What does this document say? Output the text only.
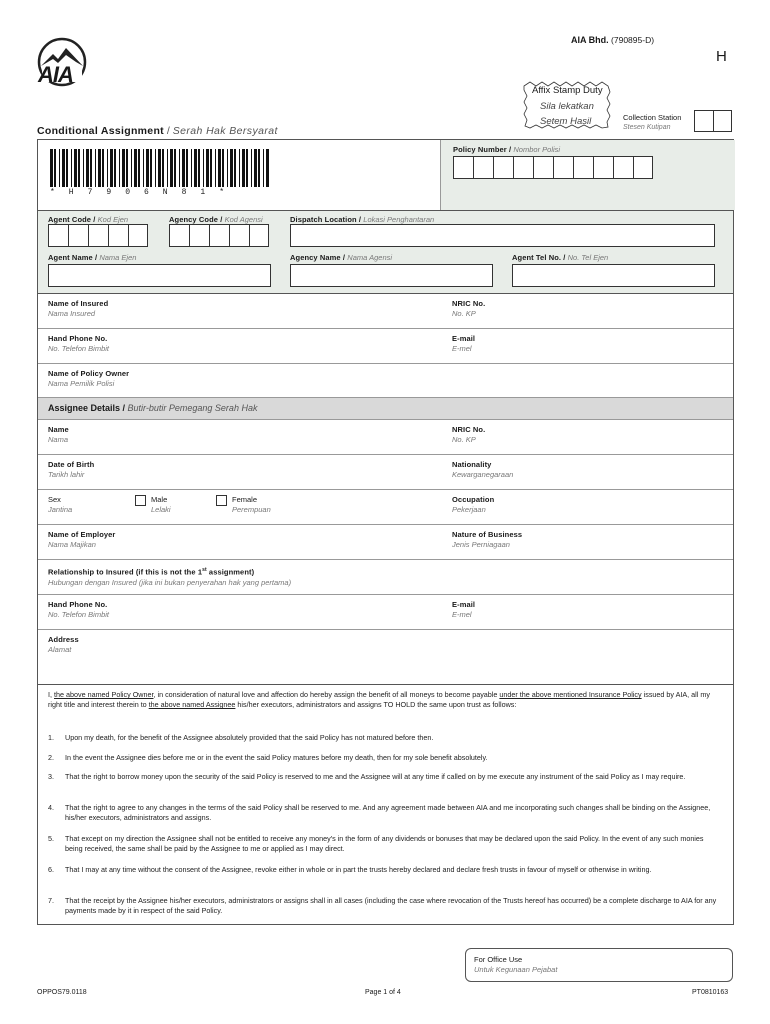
AIA
AIA Bhd. (790895-D)
H
Affix Stamp Duty
Sila lekatkan
Setem Hasil	Collection Station
Stesen Kutipan
Conditional Assignment / Serah Hak Bersyarat
* H 7 9 0 6 N 8 1 *
Policy Number / Nombor Polisi
Agent Code / Kod Ejen	Agency Code / Kod Agensi	Dispatch Location / Lokasi Penghantaran
Agent Name / Nama Ejen	Agency Name / Nama Agensi	Agent Tel No. / No. Tel Ejen
Name of Insured
Nama Insured
NRIC No.
No. KP
Hand Phone No.
No. Telefon Bimbit
E-mail
E-mel
Name of Policy Owner
Nama Pemilik Polisi
Assignee Details / Butir-butir Pemegang Serah Hak
Name
Nama
NRIC No.
No. KP
Date of Birth
Tarikh lahir
Nationality
Kewarganegaraan
Sex
Jantina
Male
Lelaki
Female
Perempuan
Occupation
Pekerjaan
Name of Employer
Nama Majikan
Nature of Business
Jenis Perniagaan
Relationship to Insured (if this is not the 1st assignment)
Hubungan dengan Insured (jika ini bukan penyerahan hak yang pertama)
Hand Phone No.
No. Telefon Bimbit
E-mail
E-mel
Address
Alamat
I, the above named Policy Owner, in consideration of natural love and affection do hereby assign the benefit of all moneys to become payable under the above mentioned Insurance Policy issued by AIA, all my right title and interest therein to the above named Assignee his/her executors, administrators and assigns TO HOLD the same upon trust as follows:
1.	Upon my death, for the benefit of the Assignee absolutely provided that the said Policy has not matured before then.
2.	In the event the Assignee dies before me or in the event the said Policy matures before my death, then for my sole benefit absolutely.
3.	That the right to borrow money upon the security of the said Policy is reserved to me and the Assignee will at any time if called on by me execute any instrument of the said Policy as I may require.
4.	That the right to agree to any changes in the terms of the said Policy shall be reserved to me. And any agreement made between AIA and me incorporating such changes shall be binding on the Assignee, his/her executors, administrators and assigns.
5.	That except on my direction the Assignee shall not be entitled to receive any money's in the form of any dividends or bonuses that may be declared upon the said Policy. In the event of any such monies being received, the same shall be paid by the Assignee to me or applied as I may direct.
6.	That I may at any time without the consent of the Assignee, revoke either in whole or in part the trusts hereby declared and declare fresh trusts in favour of myself or otherwise in writing.
7.	That the receipt by the Assignee his/her executors, administrators or assigns shall in all cases (including the case where revocation of the Trusts hereof has occurred) be a complete discharge to AIA for any payments made by it in respect of the said Policy.
For Office Use
Untuk Kegunaan Pejabat
OPPOS79.0118	Page 1 of 4	PT0810163
